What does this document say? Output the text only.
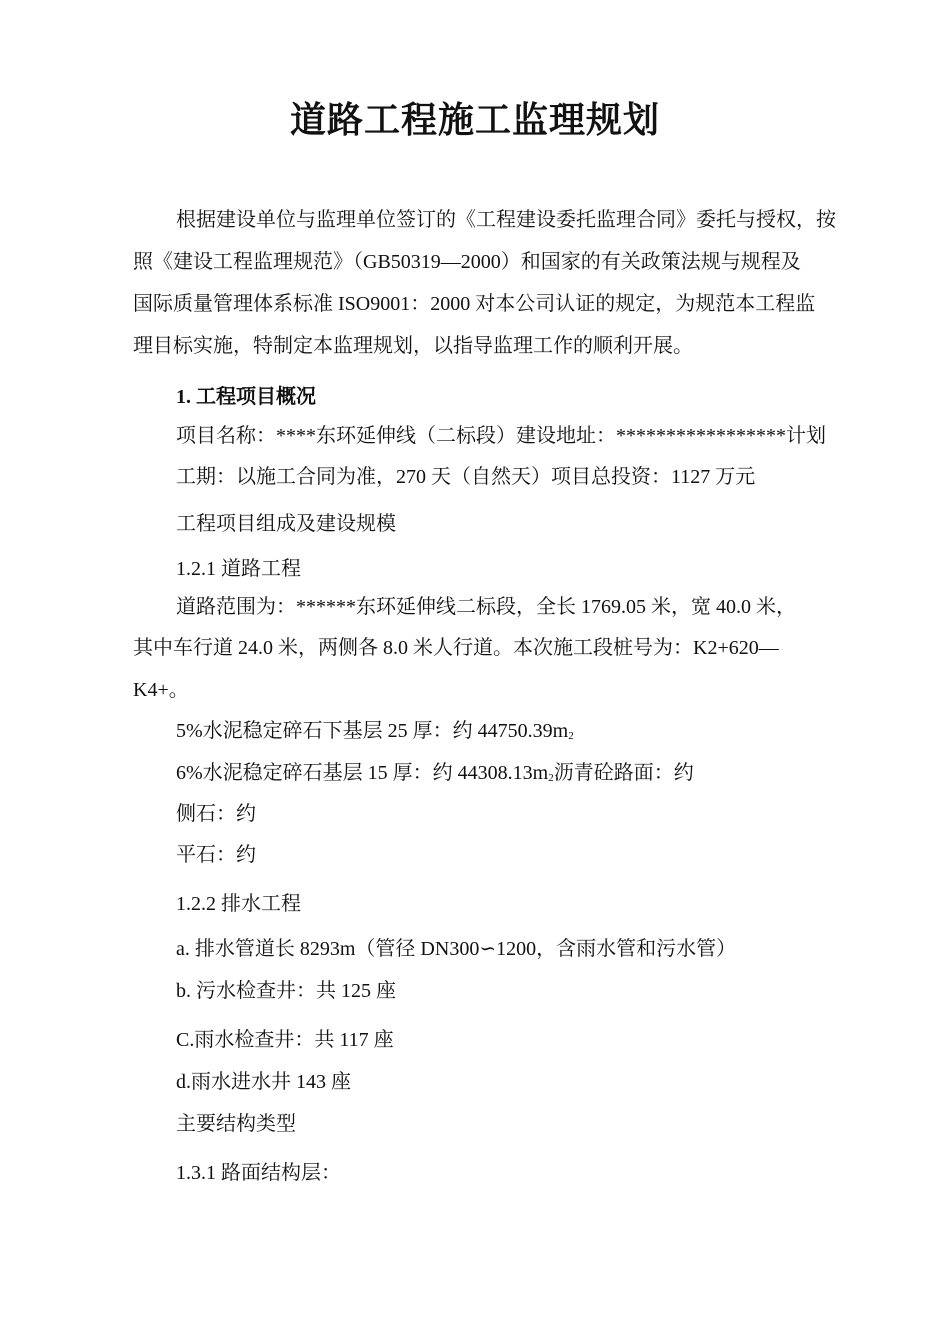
道路工程施工监理规划

根据建设单位与监理单位签订的《工程建设委托监理合同》委托与授权，按

照《建设工程监理规范》（GB50319—2000）和国家的有关政策法规与规程及

国际质量管理体系标准 ISO9001：2000 对本公司认证的规定，为规范本工程监

理目标实施，特制定本监理规划，以指导监理工作的顺利开展。

1. 工程项目概况

项目名称：****东环延伸线（二标段）建设地址：*****************计划

工期：以施工合同为准，270 天（自然天）项目总投资：1127 万元

工程项目组成及建设规模

1.2.1 道路工程

道路范围为：******东环延伸线二标段，全长 1769.05 米，宽 40.0 米，

其中车行道 24.0 米，两侧各 8.0 米人行道。本次施工段桩号为：K2+620—

K4+。

5%水泥稳定碎石下基层 25 厚：约 $44750.39m_2$

6%水泥稳定碎石基层 15 厚：约 $44308.13m_2$沥青砼路面：约

侧石：约

平石：约

1.2.2 排水工程

a. 排水管道长 8293m（管径 DN300∽1200，含雨水管和污水管）

b. 污水检查井：共 125 座

C.雨水检查井：共 117 座

d.雨水进水井 143 座

主要结构类型

1.3.1 路面结构层：
